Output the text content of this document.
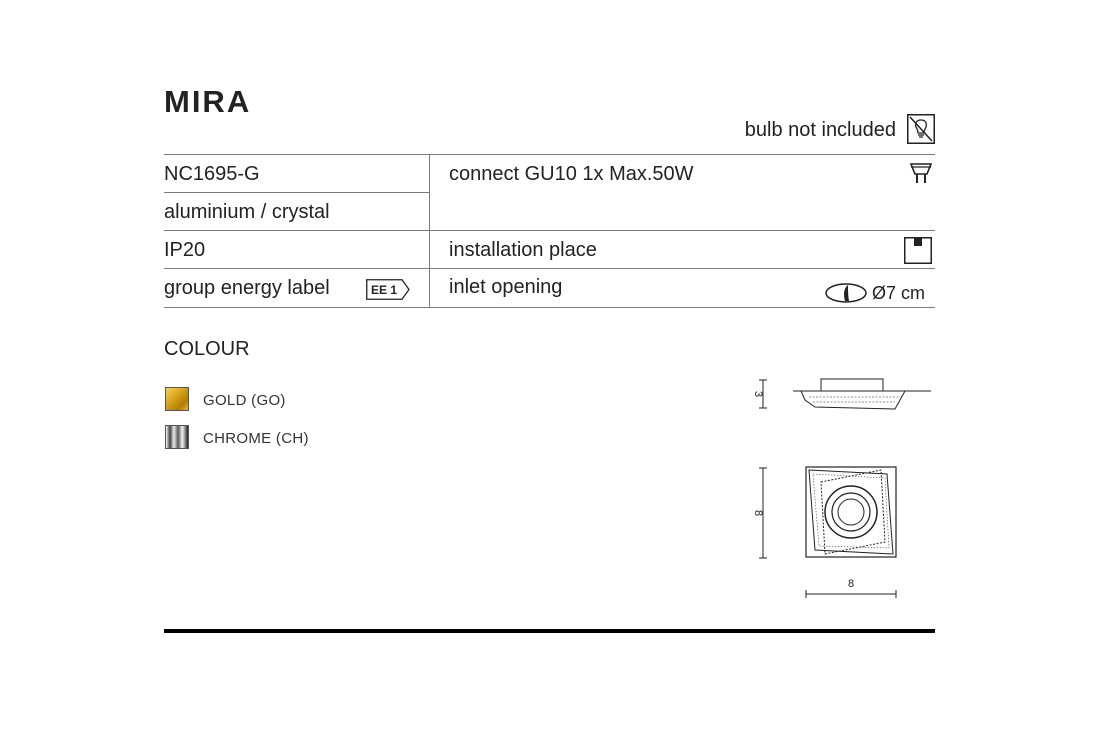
MIRA
bulb not included
NC1695-G
aluminium / crystal
IP20
group energy label	EE 1
connect GU10 1x Max.50W
installation place
inlet opening	Ø7 cm
COLOUR
GOLD (GO)
CHROME (CH)
3
8
8
